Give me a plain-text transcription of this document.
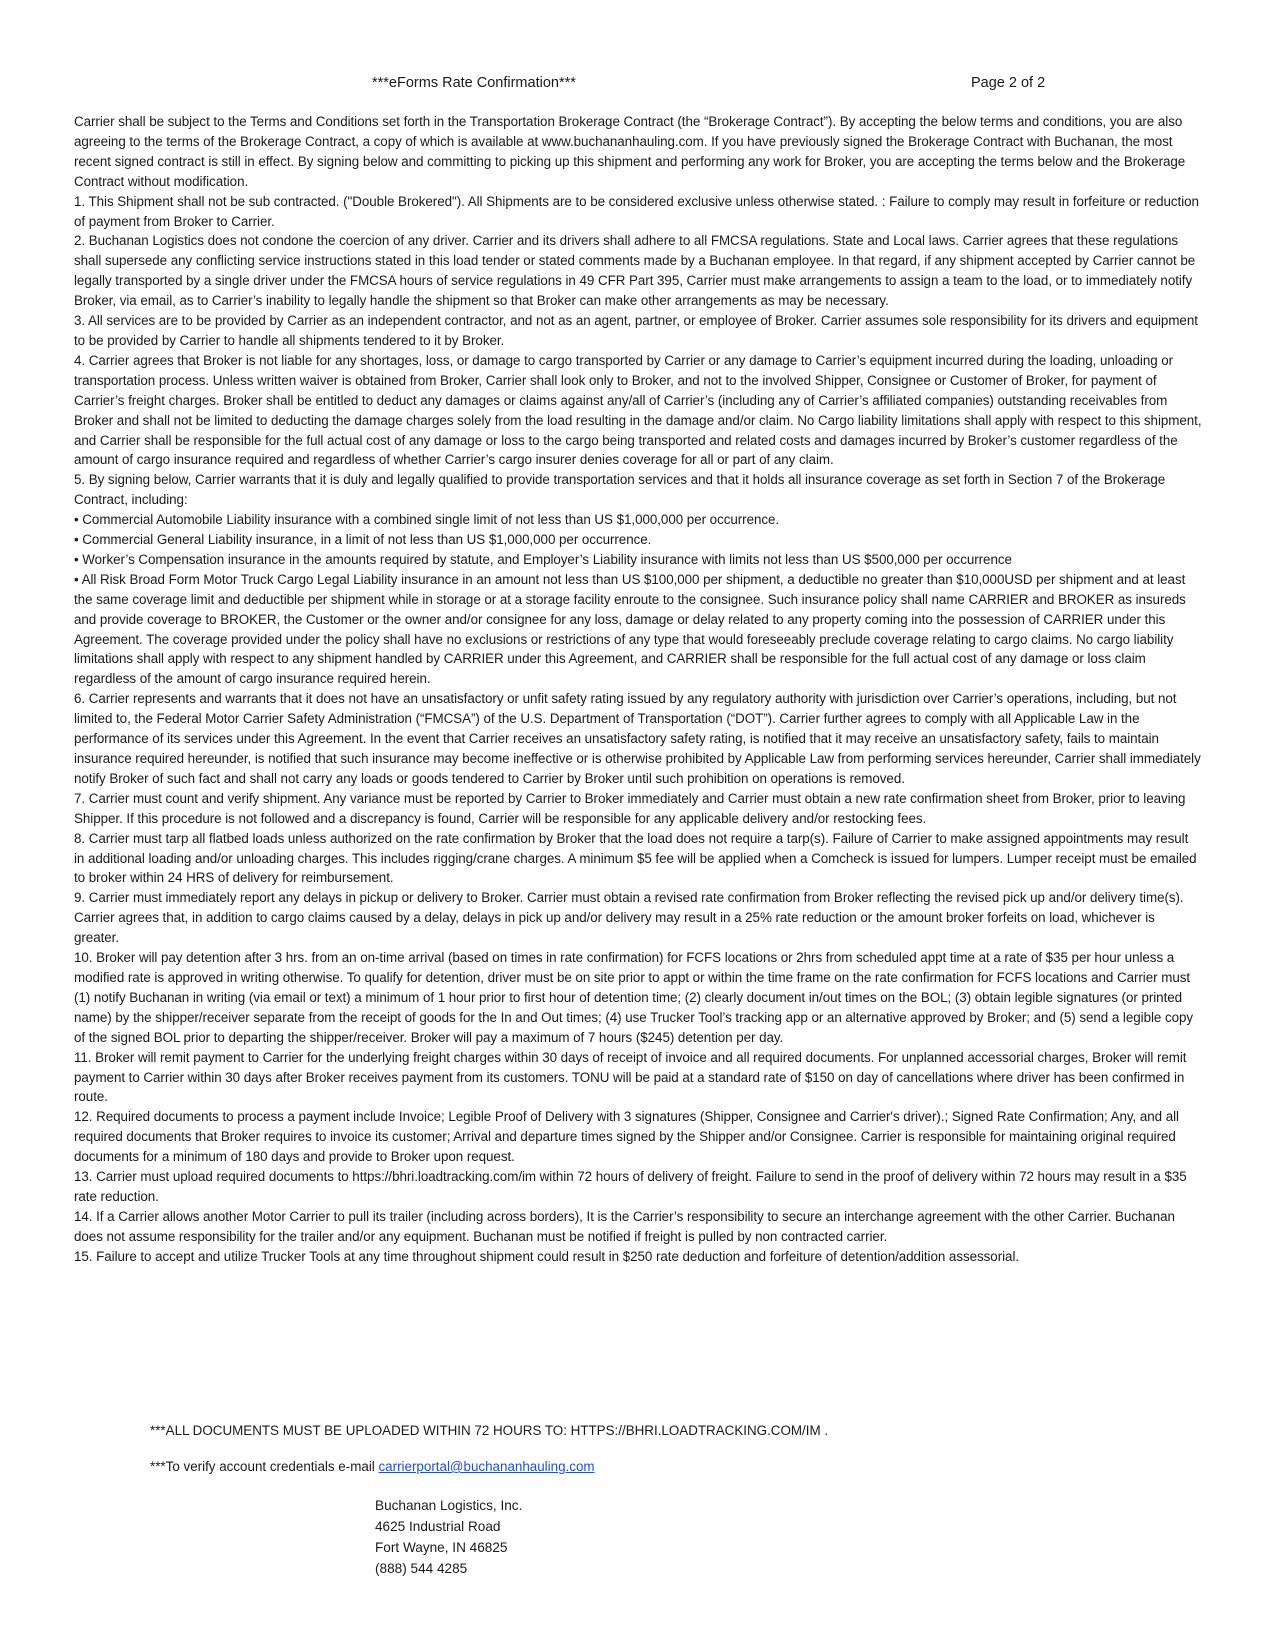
***eForms Rate Confirmation***	Page 2 of 2

Carrier shall be subject to the Terms and Conditions set forth in the Transportation Brokerage Contract (the “Brokerage Contract”). By accepting the below terms and conditions, you are also agreeing to the terms of the Brokerage Contract, a copy of which is available at www.buchananhauling.com. If you have previously signed the Brokerage Contract with Buchanan, the most recent signed contract is still in effect. By signing below and committing to picking up this shipment and performing any work for Broker, you are accepting the terms below and the Brokerage Contract without modification.

1. This Shipment shall not be sub contracted. ("Double Brokered"). All Shipments are to be considered exclusive unless otherwise stated. : Failure to comply may result in forfeiture or reduction of payment from Broker to Carrier.

2. Buchanan Logistics does not condone the coercion of any driver. Carrier and its drivers shall adhere to all FMCSA regulations. State and Local laws. Carrier agrees that these regulations shall supersede any conflicting service instructions stated in this load tender or stated comments made by a Buchanan employee. In that regard, if any shipment accepted by Carrier cannot be legally transported by a single driver under the FMCSA hours of service regulations in 49 CFR Part 395, Carrier must make arrangements to assign a team to the load, or to immediately notify Broker, via email, as to Carrier’s inability to legally handle the shipment so that Broker can make other arrangements as may be necessary.

3. All services are to be provided by Carrier as an independent contractor, and not as an agent, partner, or employee of Broker. Carrier assumes sole responsibility for its drivers and equipment to be provided by Carrier to handle all shipments tendered to it by Broker.

4. Carrier agrees that Broker is not liable for any shortages, loss, or damage to cargo transported by Carrier or any damage to Carrier’s equipment incurred during the loading, unloading or transportation process. Unless written waiver is obtained from Broker, Carrier shall look only to Broker, and not to the involved Shipper, Consignee or Customer of Broker, for payment of Carrier’s freight charges. Broker shall be entitled to deduct any damages or claims against any/all of Carrier’s (including any of Carrier’s affiliated companies) outstanding receivables from Broker and shall not be limited to deducting the damage charges solely from the load resulting in the damage and/or claim. No Cargo liability limitations shall apply with respect to this shipment, and Carrier shall be responsible for the full actual cost of any damage or loss to the cargo being transported and related costs and damages incurred by Broker’s customer regardless of the amount of cargo insurance required and regardless of whether Carrier’s cargo insurer denies coverage for all or part of any claim.

5. By signing below, Carrier warrants that it is duly and legally qualified to provide transportation services and that it holds all insurance coverage as set forth in Section 7 of the Brokerage Contract, including:

• Commercial Automobile Liability insurance with a combined single limit of not less than US $1,000,000 per occurrence.

• Commercial General Liability insurance, in a limit of not less than US $1,000,000 per occurrence.

• Worker’s Compensation insurance in the amounts required by statute, and Employer’s Liability insurance with limits not less than US $500,000 per occurrence

• All Risk Broad Form Motor Truck Cargo Legal Liability insurance in an amount not less than US $100,000 per shipment, a deductible no greater than $10,000USD per shipment and at least the same coverage limit and deductible per shipment while in storage or at a storage facility enroute to the consignee. Such insurance policy shall name CARRIER and BROKER as insureds and provide coverage to BROKER, the Customer or the owner and/or consignee for any loss, damage or delay related to any property coming into the possession of CARRIER under this Agreement. The coverage provided under the policy shall have no exclusions or restrictions of any type that would foreseeably preclude coverage relating to cargo claims. No cargo liability limitations shall apply with respect to any shipment handled by CARRIER under this Agreement, and CARRIER shall be responsible for the full actual cost of any damage or loss claim regardless of the amount of cargo insurance required herein.

6. Carrier represents and warrants that it does not have an unsatisfactory or unfit safety rating issued by any regulatory authority with jurisdiction over Carrier’s operations, including, but not limited to, the Federal Motor Carrier Safety Administration (“FMCSA”) of the U.S. Department of Transportation (“DOT”). Carrier further agrees to comply with all Applicable Law in the performance of its services under this Agreement. In the event that Carrier receives an unsatisfactory safety rating, is notified that it may receive an unsatisfactory safety, fails to maintain insurance required hereunder, is notified that such insurance may become ineffective or is otherwise prohibited by Applicable Law from performing services hereunder, Carrier shall immediately notify Broker of such fact and shall not carry any loads or goods tendered to Carrier by Broker until such prohibition on operations is removed.

7. Carrier must count and verify shipment. Any variance must be reported by Carrier to Broker immediately and Carrier must obtain a new rate confirmation sheet from Broker, prior to leaving Shipper. If this procedure is not followed and a discrepancy is found, Carrier will be responsible for any applicable delivery and/or restocking fees.

8. Carrier must tarp all flatbed loads unless authorized on the rate confirmation by Broker that the load does not require a tarp(s). Failure of Carrier to make assigned appointments may result in additional loading and/or unloading charges. This includes rigging/crane charges. A minimum $5 fee will be applied when a Comcheck is issued for lumpers. Lumper receipt must be emailed to broker within 24 HRS of delivery for reimbursement.

9. Carrier must immediately report any delays in pickup or delivery to Broker. Carrier must obtain a revised rate confirmation from Broker reflecting the revised pick up and/or delivery time(s). Carrier agrees that, in addition to cargo claims caused by a delay, delays in pick up and/or delivery may result in a 25% rate reduction or the amount broker forfeits on load, whichever is greater.

10. Broker will pay detention after 3 hrs. from an on-time arrival (based on times in rate confirmation) for FCFS locations or 2hrs from scheduled appt time at a rate of $35 per hour unless a modified rate is approved in writing otherwise. To qualify for detention, driver must be on site prior to appt or within the time frame on the rate confirmation for FCFS locations and Carrier must (1) notify Buchanan in writing (via email or text) a minimum of 1 hour prior to first hour of detention time; (2) clearly document in/out times on the BOL; (3) obtain legible signatures (or printed name) by the shipper/receiver separate from the receipt of goods for the In and Out times; (4) use Trucker Tool’s tracking app or an alternative approved by Broker; and (5) send a legible copy of the signed BOL prior to departing the shipper/receiver. Broker will pay a maximum of 7 hours ($245) detention per day.

11. Broker will remit payment to Carrier for the underlying freight charges within 30 days of receipt of invoice and all required documents. For unplanned accessorial charges, Broker will remit payment to Carrier within 30 days after Broker receives payment from its customers. TONU will be paid at a standard rate of $150 on day of cancellations where driver has been confirmed in route.

12. Required documents to process a payment include Invoice; Legible Proof of Delivery with 3 signatures (Shipper, Consignee and Carrier's driver).; Signed Rate Confirmation; Any, and all required documents that Broker requires to invoice its customer; Arrival and departure times signed by the Shipper and/or Consignee. Carrier is responsible for maintaining original required documents for a minimum of 180 days and provide to Broker upon request.

13. Carrier must upload required documents to https://bhri.loadtracking.com/im within 72 hours of delivery of freight. Failure to send in the proof of delivery within 72 hours may result in a $35 rate reduction.

14. If a Carrier allows another Motor Carrier to pull its trailer (including across borders), It is the Carrier’s responsibility to secure an interchange agreement with the other Carrier. Buchanan does not assume responsibility for the trailer and/or any equipment. Buchanan must be notified if freight is pulled by non contracted carrier.

15. Failure to accept and utilize Trucker Tools at any time throughout shipment could result in $250 rate deduction and forfeiture of detention/addition assessorial.

***ALL DOCUMENTS MUST BE UPLOADED WITHIN 72 HOURS TO: HTTPS://BHRI.LOADTRACKING.COM/IM .
***To verify account credentials e-mail carrierportal@buchananhauling.com
Buchanan Logistics, Inc.
4625 Industrial Road
Fort Wayne, IN 46825
(888) 544 4285
